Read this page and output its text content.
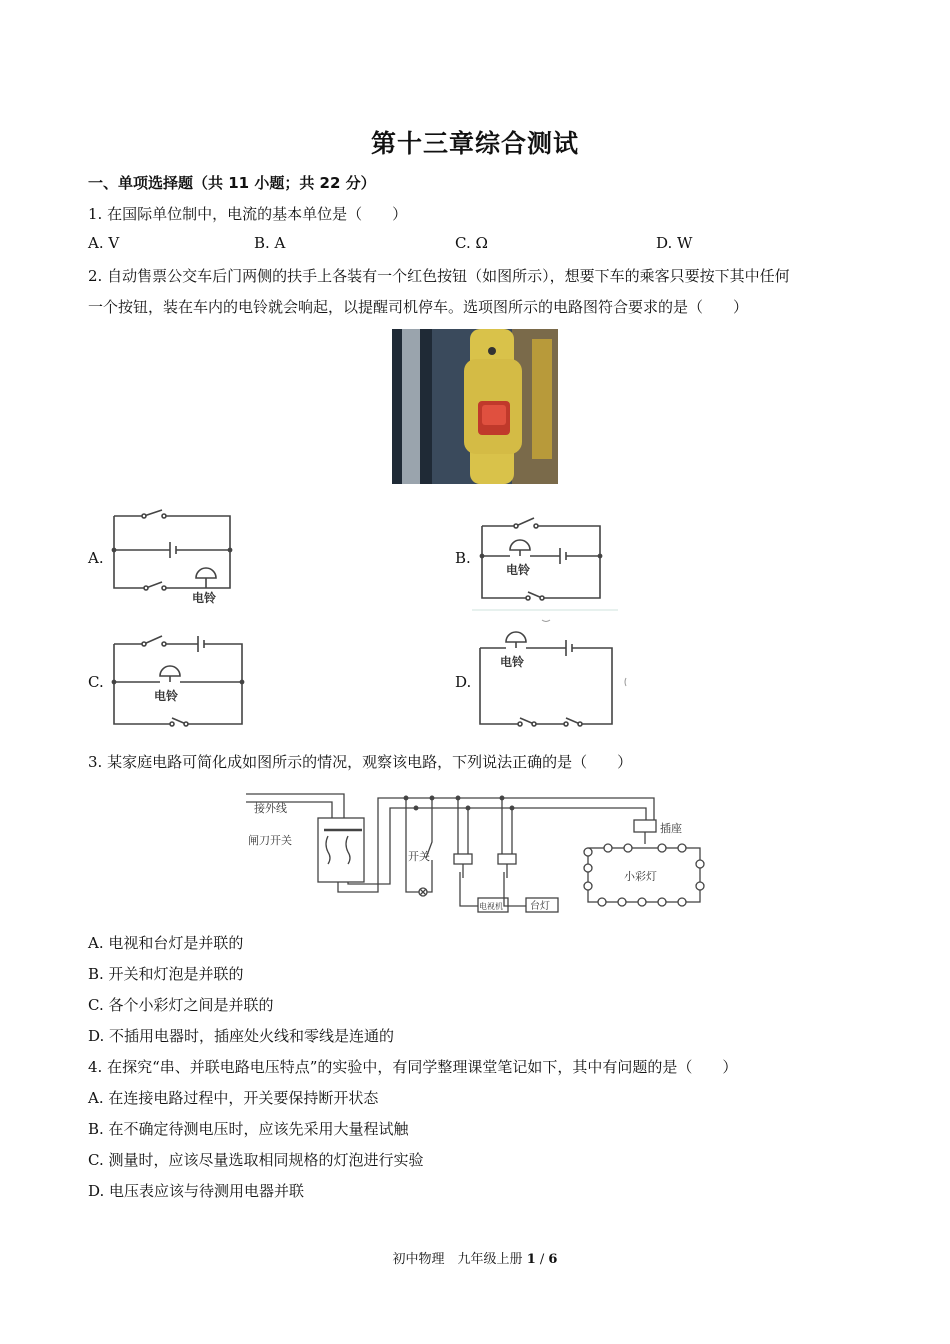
第十三章综合测试
一、单项选择题（共 11 小题；共 22 分）
1. 在国际单位制中，电流的基本单位是（　　）
A. V	B. A	C. Ω	D. W
2. 自动售票公交车后门两侧的扶手上各装有一个红色按钮（如图所示），想要下车的乘客只要按下其中任何
一个按钮，装在车内的电铃就会响起，以提醒司机停车。选项图所示的电路图符合要求的是（　　）
A.
电铃
B.
电铃
C.
电铃
D.
电铃
3. 某家庭电路可简化成如图所示的情况，观察该电路，下列说法正确的是（　　）
接外线
闸刀开关
开关
电视机	台灯
插座
小彩灯
A. 电视和台灯是并联的
B. 开关和灯泡是并联的
C. 各个小彩灯之间是并联的
D. 不插用电器时，插座处火线和零线是连通的
4. 在探究“串、并联电路电压特点”的实验中，有同学整理课堂笔记如下，其中有问题的是（　　）
A. 在连接电路过程中，开关要保持断开状态
B. 在不确定待测电压时，应该先采用大量程试触
C. 测量时，应该尽量选取相同规格的灯泡进行实验
D. 电压表应该与待测用电器并联
初中物理　九年级上册 1 / 6
